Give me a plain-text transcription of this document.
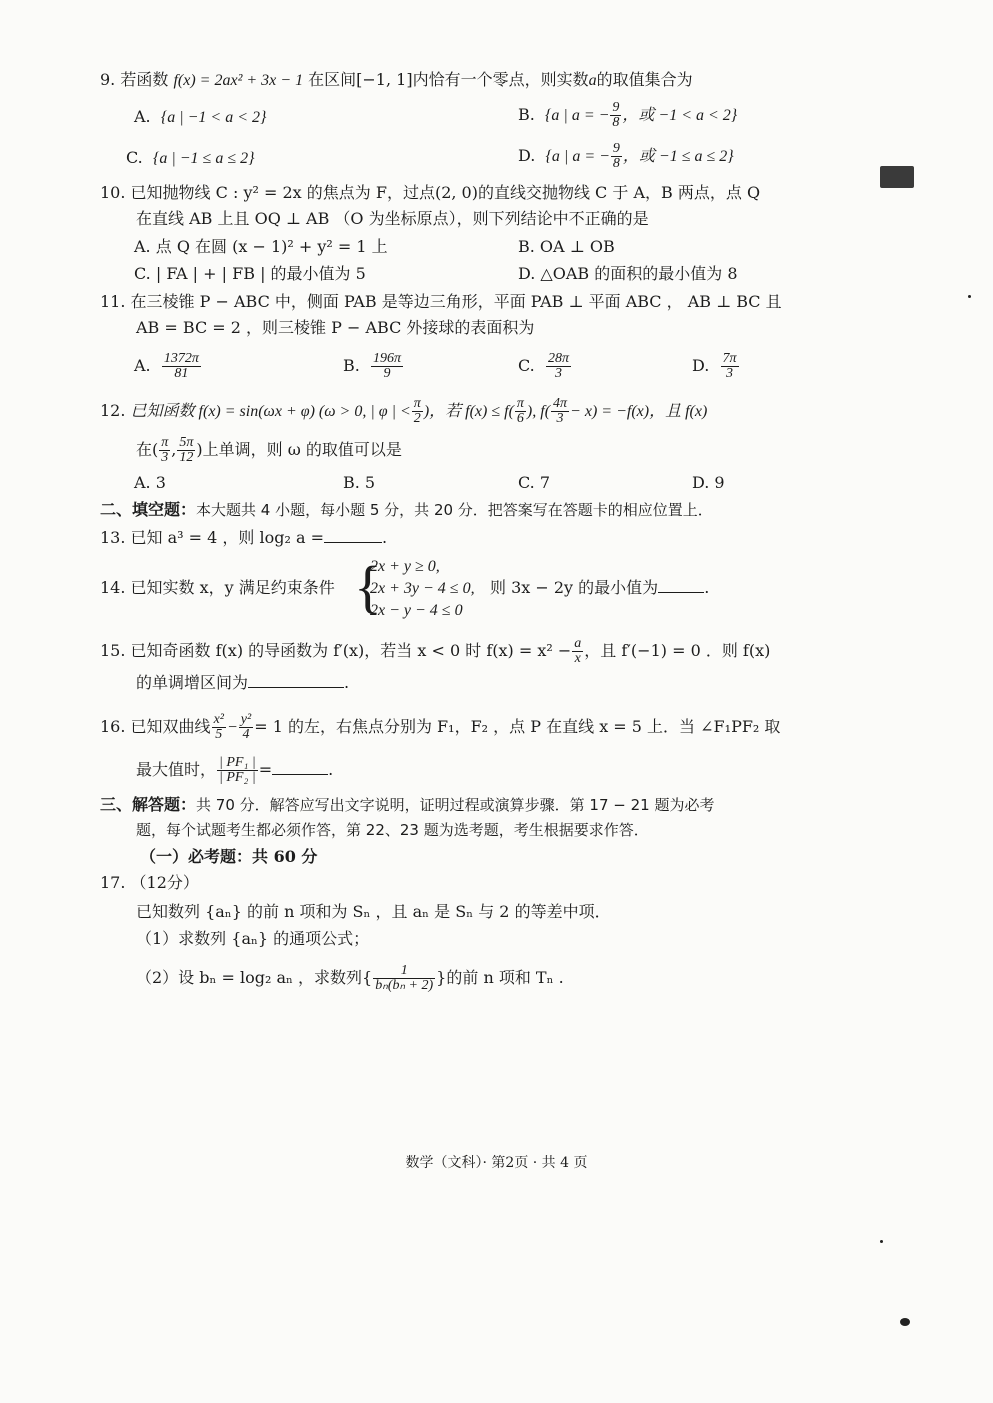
9. 若函数 f(x) = 2ax² + 3x − 1 在区间[−1, 1]内恰有一个零点，则实数a的取值集合为
A. {a | −1 < a < 2}	B. {a | a = − $\frac{9}{8}$ ，或 −1 < a < 2}
C. {a | −1 ≤ a ≤ 2}	D. {a | a = − $\frac{9}{8}$ ，或 −1 ≤ a ≤ 2}
10. 已知抛物线 C : y² = 2x 的焦点为 F，过点(2, 0)的直线交抛物线 C 于 A，B 两点，点 Q
在直线 AB 上且 OQ ⊥ AB （O 为坐标原点），则下列结论中不正确的是
A. 点 Q 在圆 (x − 1)² + y² = 1 上	B. OA ⊥ OB
C. | FA | + | FB | 的最小值为 5	D. △OAB 的面积的最小值为 8
11. 在三棱锥 P − ABC 中，侧面 PAB 是等边三角形，平面 PAB ⊥ 平面 ABC ， AB ⊥ BC 且
AB = BC = 2 ，则三棱锥 P − ABC 外接球的表面积为
A. $\frac{1372\pi}{81}$	B. $\frac{196\pi}{9}$	C. $\frac{28\pi}{3}$	D. $\frac{7\pi}{3}$
12. 已知函数 f(x) = sin(ωx + φ) (ω > 0, | φ | < $\frac{\pi}{2}$ )，若 $f(x) \le f( \frac{\pi}{6}$ ), $f( \frac{4\pi}{3} - x) = -f(x)$，且 f(x)
在( $\frac{\pi}{3}$ , $\frac{5\pi}{12}$ )上单调，则 ω 的取值可以是
A. 3	B. 5	C. 7	D. 9
二、填空题：本大题共 4 小题，每小题 5 分，共 20 分．把答案写在答题卡的相应位置上．
13. 已知 a³ = 4 ，则 log₂ a =	.
14. 已知实数 x，y 满足约束条件 {
2x + y ≥ 0,
2x + 3y − 4 ≤ 0,
2x − y − 4 ≤ 0
则 3x − 2y 的最小值为	.
15. 已知奇函数 f(x) 的导函数为 f′(x)，若当 x < 0 时 $f(x) = x^2 - \frac{a}{x}$ ，且 f′(−1) = 0 ．则 f(x)
的单调增区间为	.
16. 已知双曲线 $\frac{\text{x²}}{5} - \frac{\text{y²}}{4} = 1$ 的左，右焦点分别为 F₁，F₂ ，点 P 在直线 x = 5 上．当 ∠F₁PF₂ 取
最大值时， $\frac{\text{| PF₁ |}}{\text{| PF₂ |}}$ =	.
三、解答题：共 70 分．解答应写出文字说明，证明过程或演算步骤．第 17 − 21 题为必考
题，每个试题考生都必须作答，第 22、23 题为选考题，考生根据要求作答．
（一）必考题：共 60 分
17. （12分）
已知数列 {aₙ} 的前 n 项和为 Sₙ ，且 aₙ 是 Sₙ 与 2 的等差中项．
（1）求数列 {aₙ} 的通项公式；
（2）设 bₙ = log₂ aₙ ，求数列{ $\frac{1}{\text{bₙ(bₙ + 2)}}$ }的前 n 项和 Tₙ .
数学（文科）· 第2页 · 共 4 页
